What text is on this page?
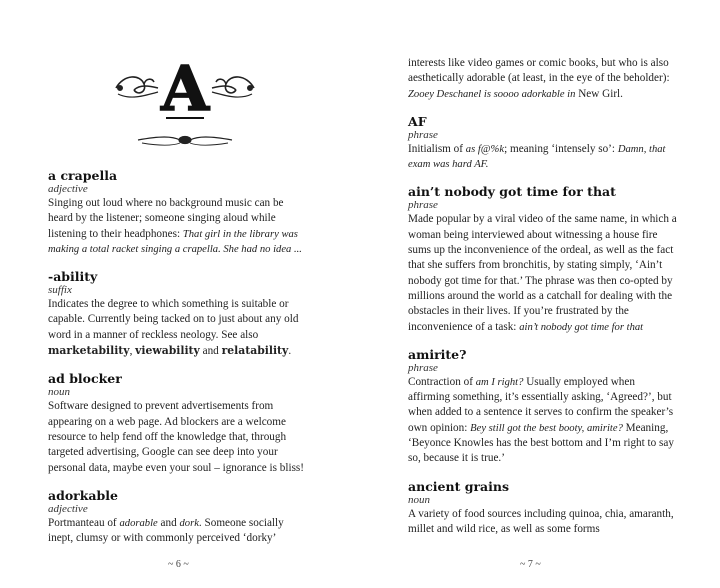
A
a crapella
adjective
Singing out loud where no background music can be heard by the listener; someone singing aloud while listening to their headphones: That girl in the library was making a total racket singing a crapella. She had no idea ...
-ability
suffix
Indicates the degree to which something is suitable or capable. Currently being tacked on to just about any old word in a manner of reckless neology. See also marketability, viewability and relatability.
ad blocker
noun
Software designed to prevent advertisements from appearing on a web page. Ad blockers are a welcome resource to help fend off the knowledge that, through targeted advertising, Google can see deep into your personal data, maybe even your soul – ignorance is bliss!
adorkable
adjective
Portmanteau of adorable and dork. Someone socially inept, clumsy or with commonly perceived ‘dorky’
~ 6 ~
interests like video games or comic books, but who is also aesthetically adorable (at least, in the eye of the beholder): Zooey Deschanel is soooo adorkable in New Girl.
AF
phrase
Initialism of as f@%k; meaning ‘intensely so’: Damn, that exam was hard AF.
ain’t nobody got time for that
phrase
Made popular by a viral video of the same name, in which a woman being interviewed about witnessing a house fire sums up the inconvenience of the ordeal, as well as the fact that she suffers from bronchitis, by stating simply, ‘Ain’t nobody got time for that.’ The phrase was then co-opted by millions around the world as a catchall for dealing with the obstacles in their lives. If you’re frustrated by the inconvenience of a task: ain’t nobody got time for that
amirite?
phrase
Contraction of am I right? Usually employed when affirming something, it’s essentially asking, ‘Agreed?’, but when added to a sentence it serves to confirm the speaker’s own opinion: Bey still got the best booty, amirite? Meaning, ‘Beyonce Knowles has the best bottom and I’m right to say so, because it is true.’
ancient grains
noun
A variety of food sources including quinoa, chia, amaranth, millet and wild rice, as well as some forms
~ 7 ~
